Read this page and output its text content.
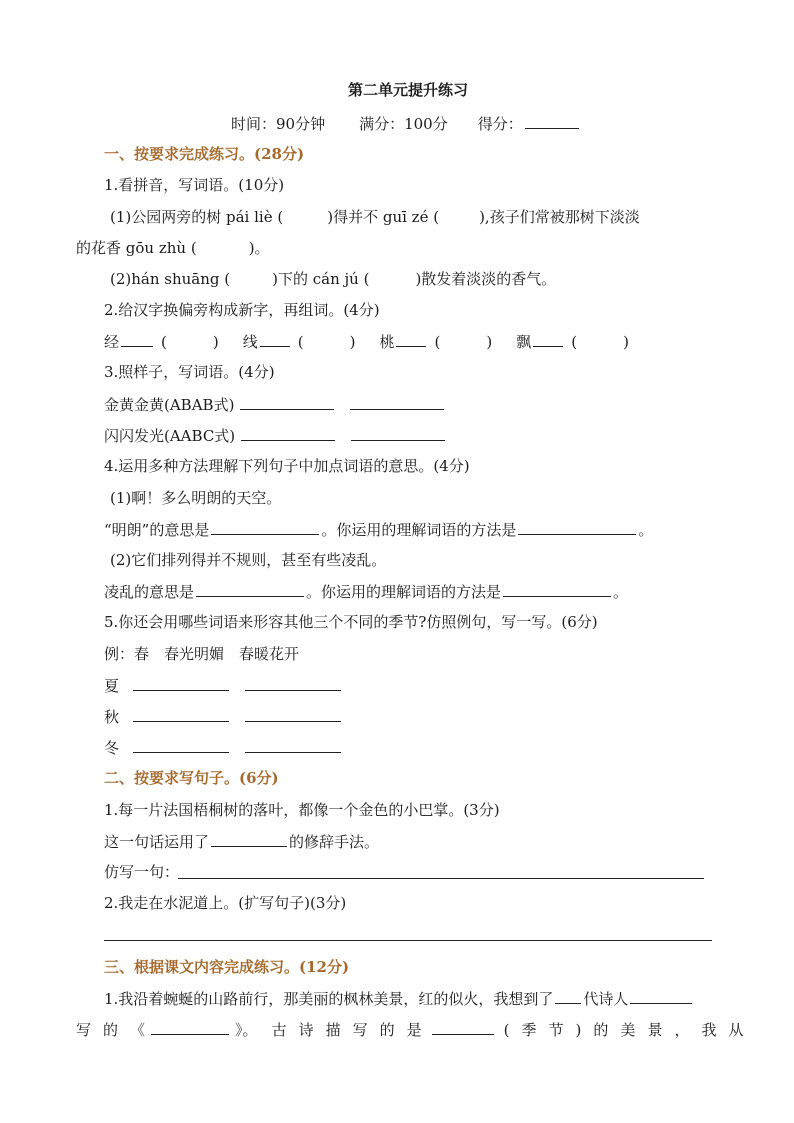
第二单元提升练习
时间：90分钟 满分：100分 得分：
一、按要求完成练习。(28分)
1.看拼音，写词语。(10分)
(1)公园两旁的树 pái liè (	)得并不 guī zé (	),孩子们常被那树下淡淡
的花香 gōu zhù (	)。
(2)hán shuāng (	)下的 cán jú (	)散发着淡淡的香气。
2.给汉字换偏旁构成新字，再组词。(4分)
经	(	) 线	(	) 桃	(	) 飘	(	)
3.照样子，写词语。(4分)
金黄金黄(ABAB式)
闪闪发光(AABC式)
4.运用多种方法理解下列句子中加点词语的意思。(4分)
(1)啊！多么明朗的天空。
“明朗”的意思是	。你运用的理解词语的方法是	。
(2)它们排列得并不规则，甚至有些凌乱。
凌乱的意思是	。你运用的理解词语的方法是	。
5.你还会用哪些词语来形容其他三个不同的季节?仿照例句，写一写。(6分)
例：春　春光明媚　春暖花开
夏
秋
冬
二、按要求写句子。(6分)
1.每一片法国梧桐树的落叶，都像一个金色的小巴掌。(3分)
这一句话运用了	的修辞手法。
仿写一句：
2.我走在水泥道上。(扩写句子)(3分)
三、根据课文内容完成练习。(12分)
1.我沿着蜿蜒的山路前行，那美丽的枫林美景，红的似火，我想到了 代诗人
写 的 《	》。 古 诗 描 写 的 是	( 季 节 ) 的 美 景 ， 我 从
